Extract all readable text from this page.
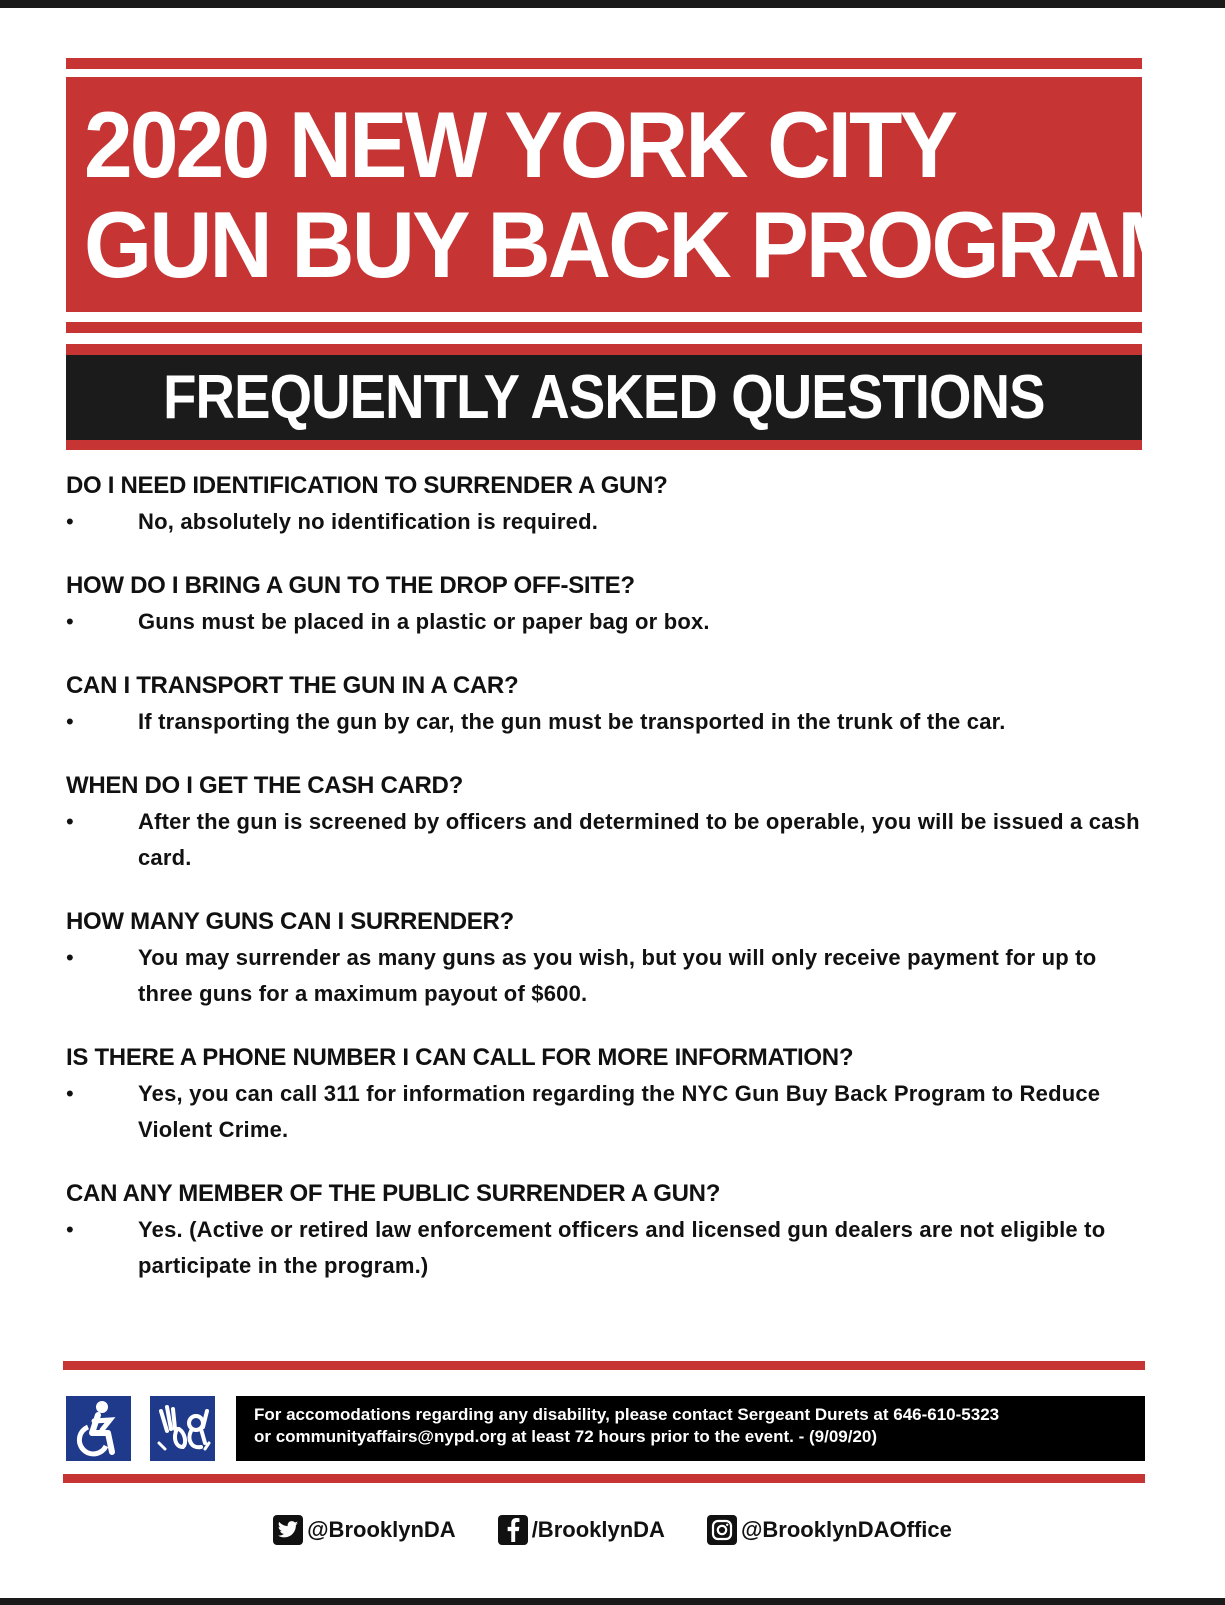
2020 NEW YORK CITY
GUN BUY BACK PROGRAM
FREQUENTLY ASKED QUESTIONS
DO I NEED IDENTIFICATION TO SURRENDER A GUN?
•	No, absolutely no identification is required.
HOW DO I BRING A GUN TO THE DROP OFF-SITE?
•	Guns must be placed in a plastic or paper bag or box.
CAN I TRANSPORT THE GUN IN A CAR?
•	If transporting the gun by car, the gun must be transported in the trunk of the car.
WHEN DO I GET THE CASH CARD?
•	After the gun is screened by officers and determined to be operable, you will be issued a cash card.
HOW MANY GUNS CAN I SURRENDER?
•	You may surrender as many guns as you wish, but you will only receive payment for up to three guns for a maximum payout of $600.
IS THERE A PHONE NUMBER I CAN CALL FOR MORE INFORMATION?
•	Yes, you can call 311 for information regarding the NYC Gun Buy Back Program to Reduce Violent Crime.
CAN ANY MEMBER OF THE PUBLIC SURRENDER A GUN?
•	Yes. (Active or retired law enforcement officers and licensed gun dealers are not eligible to participate in the program.)
For accomodations regarding any disability, please contact Sergeant Durets at 646-610-5323
or communityaffairs@nypd.org at least 72 hours prior to the event. - (9/09/20)
@BrooklynDA	/BrooklynDA	@BrooklynDAOffice
